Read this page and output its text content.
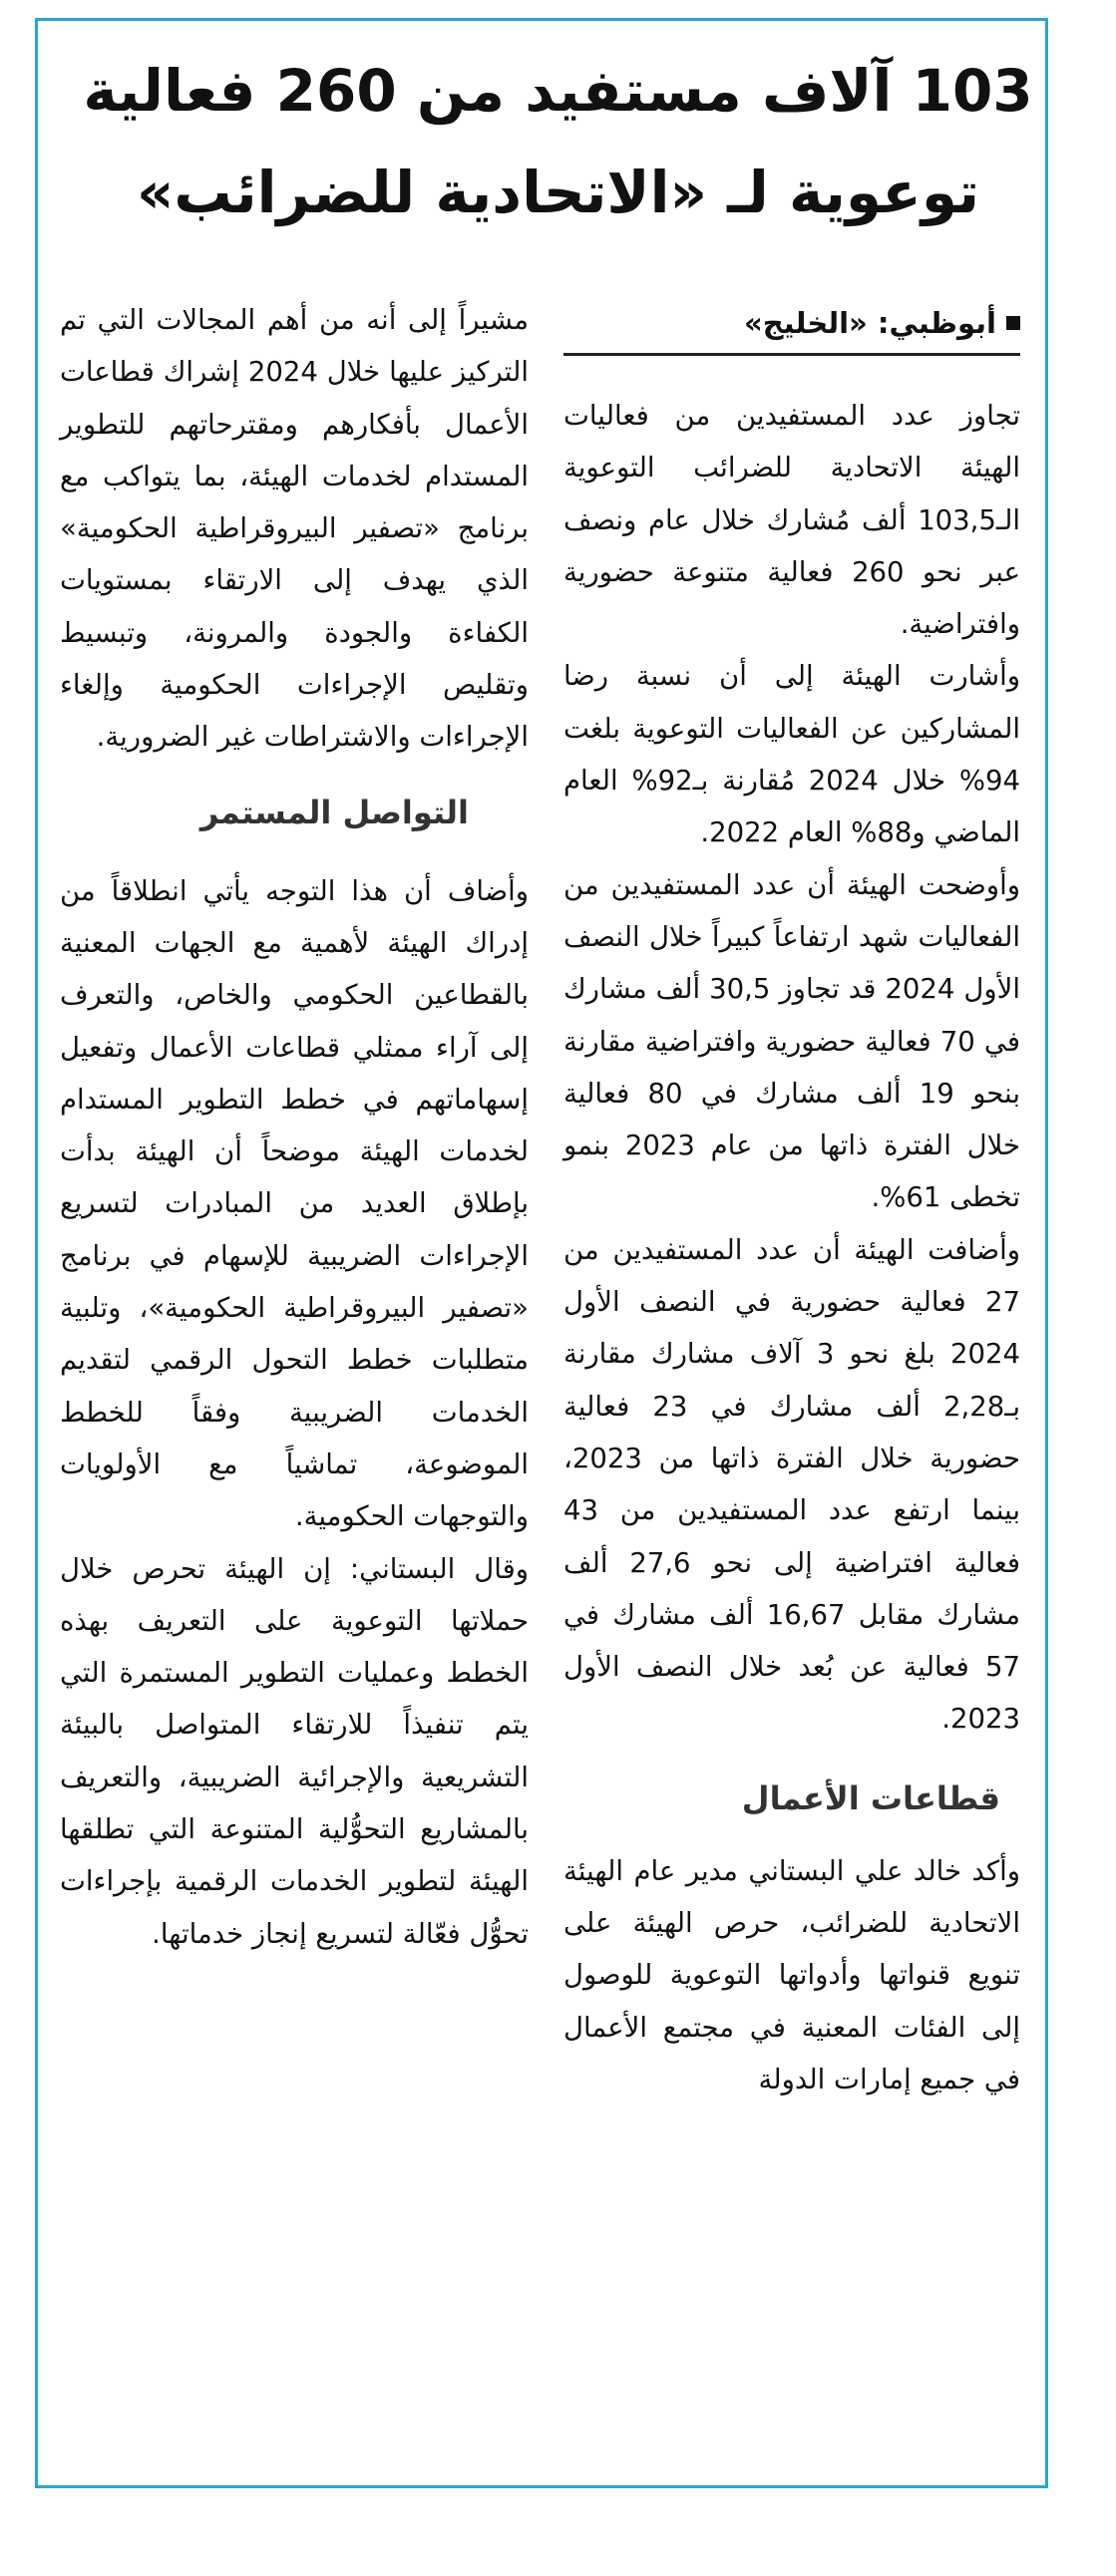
103 آلاف مستفيد من 260 فعالية
توعوية لـ «الاتحادية للضرائب»
أبوظبي: «الخليج»

تجاوز عدد المستفيدين من فعاليات الهيئة الاتحادية للضرائب التوعوية الـ103,5 ألف مُشارك خلال عام ونصف عبر نحو 260 فعالية متنوعة حضورية وافتراضية.

وأشارت الهيئة إلى أن نسبة رضا المشاركين عن الفعاليات التوعوية بلغت 94% خلال 2024 مُقارنة بـ92% العام الماضي و88% العام 2022.

وأوضحت الهيئة أن عدد المستفيدين من الفعاليات شهد ارتفاعاً كبيراً خلال النصف الأول 2024 قد تجاوز 30,5 ألف مشارك في 70 فعالية حضورية وافتراضية مقارنة بنحو 19 ألف مشارك في 80 فعالية خلال الفترة ذاتها من عام 2023 بنمو تخطى 61%.

وأضافت الهيئة أن عدد المستفيدين من 27 فعالية حضورية في النصف الأول 2024 بلغ نحو 3 آلاف مشارك مقارنة بـ2,28 ألف مشارك في 23 فعالية حضورية خلال الفترة ذاتها من 2023، بينما ارتفع عدد المستفيدين من 43 فعالية افتراضية إلى نحو 27,6 ألف مشارك مقابل 16,67 ألف مشارك في 57 فعالية عن بُعد خلال النصف الأول 2023.

قطاعات الأعمال

وأكد خالد علي البستاني مدير عام الهيئة الاتحادية للضرائب، حرص الهيئة على تنويع قنواتها وأدواتها التوعوية للوصول إلى الفئات المعنية في مجتمع الأعمال في جميع إمارات الدولة

مشيراً إلى أنه من أهم المجالات التي تم التركيز عليها خلال 2024 إشراك قطاعات الأعمال بأفكارهم ومقترحاتهم للتطوير المستدام لخدمات الهيئة، بما يتواكب مع برنامج «تصفير البيروقراطية الحكومية» الذي يهدف إلى الارتقاء بمستويات الكفاءة والجودة والمرونة، وتبسيط وتقليص الإجراءات الحكومية وإلغاء الإجراءات والاشتراطات غير الضرورية.

التواصل المستمر

وأضاف أن هذا التوجه يأتي انطلاقاً من إدراك الهيئة لأهمية مع الجهات المعنية بالقطاعين الحكومي والخاص، والتعرف إلى آراء ممثلي قطاعات الأعمال وتفعيل إسهاماتهم في خطط التطوير المستدام لخدمات الهيئة موضحاً أن الهيئة بدأت بإطلاق العديد من المبادرات لتسريع الإجراءات الضريبية للإسهام في برنامج «تصفير البيروقراطية الحكومية»، وتلبية متطلبات خطط التحول الرقمي لتقديم الخدمات الضريبية وفقاً للخطط الموضوعة، تماشياً مع الأولويات والتوجهات الحكومية.

وقال البستاني: إن الهيئة تحرص خلال حملاتها التوعوية على التعريف بهذه الخطط وعمليات التطوير المستمرة التي يتم تنفيذاً للارتقاء المتواصل بالبيئة التشريعية والإجرائية الضريبية، والتعريف بالمشاريع التحوُّلية المتنوعة التي تطلقها الهيئة لتطوير الخدمات الرقمية بإجراءات تحوُّل فعّالة لتسريع إنجاز خدماتها.
